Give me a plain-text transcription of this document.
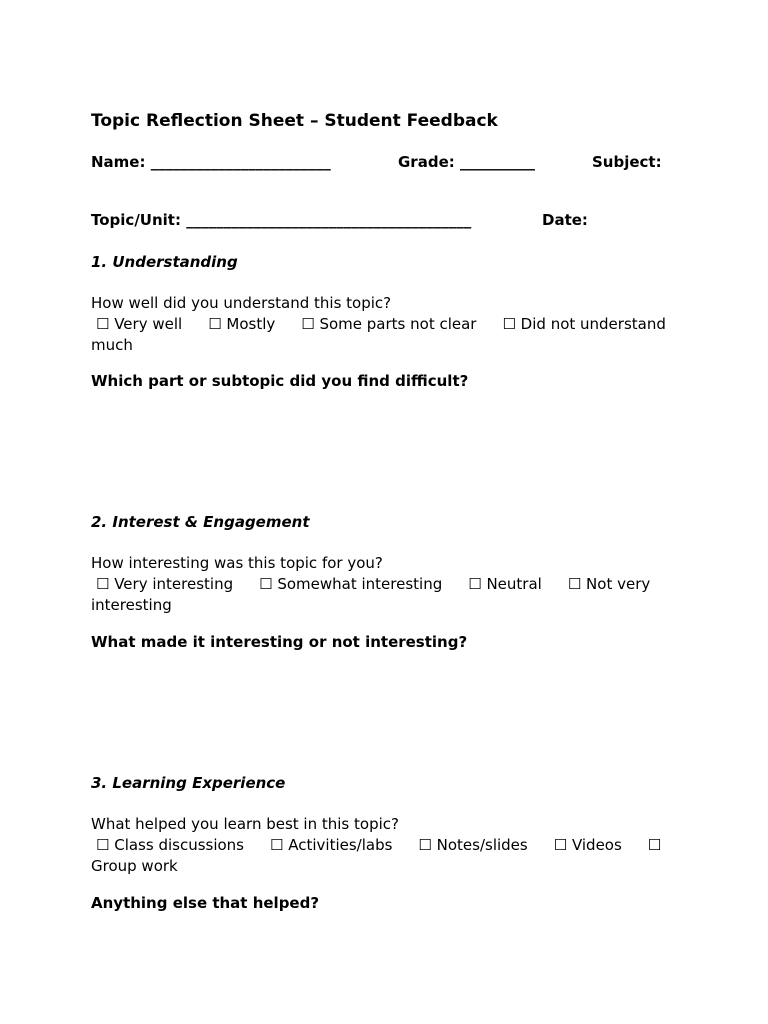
Topic Reflection Sheet – Student Feedback
Name: ________________________	Grade: __________	Subject:
Topic/Unit: ______________________________________	Date:
1. Understanding
How well did you understand this topic?
☐ Very well ☐ Mostly ☐ Some parts not clear ☐ Did not understand much
Which part or subtopic did you find difficult?
2. Interest & Engagement
How interesting was this topic for you?
☐ Very interesting ☐ Somewhat interesting ☐ Neutral ☐ Not very interesting
What made it interesting or not interesting?
3. Learning Experience
What helped you learn best in this topic?
☐ Class discussions ☐ Activities/labs ☐ Notes/slides ☐ Videos ☐ Group work
Anything else that helped?
